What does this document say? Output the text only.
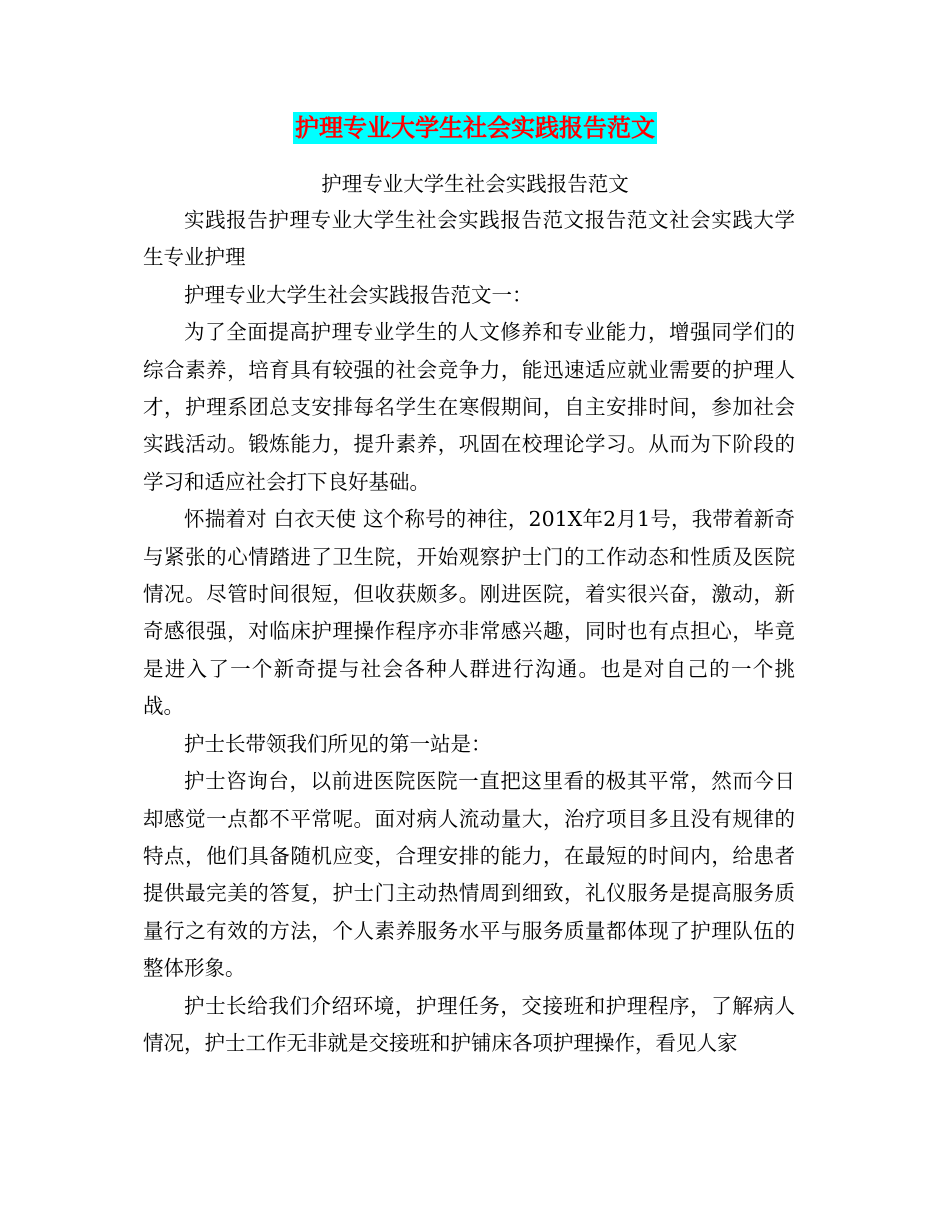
护理专业大学生社会实践报告范文
护理专业大学生社会实践报告范文

实践报告护理专业大学生社会实践报告范文报告范文社会实践大学生专业护理

护理专业大学生社会实践报告范文一：

为了全面提高护理专业学生的人文修养和专业能力，增强同学们的综合素养，培育具有较强的社会竞争力，能迅速适应就业需要的护理人才，护理系团总支安排每名学生在寒假期间，自主安排时间，参加社会实践活动。锻炼能力，提升素养，巩固在校理论学习。从而为下阶段的学习和适应社会打下良好基础。

怀揣着对 白衣天使 这个称号的神往，201X年2月1号，我带着新奇与紧张的心情踏进了卫生院，开始观察护士门的工作动态和性质及医院情况。尽管时间很短，但收获颇多。刚进医院，着实很兴奋，激动，新奇感很强，对临床护理操作程序亦非常感兴趣，同时也有点担心，毕竟是进入了一个新奇提与社会各种人群进行沟通。也是对自己的一个挑战。

护士长带领我们所见的第一站是：

护士咨询台，以前进医院医院一直把这里看的极其平常，然而今日却感觉一点都不平常呢。面对病人流动量大，治疗项目多且没有规律的特点，他们具备随机应变，合理安排的能力，在最短的时间内，给患者提供最完美的答复，护士门主动热情周到细致，礼仪服务是提高服务质量行之有效的方法，个人素养服务水平与服务质量都体现了护理队伍的整体形象。

护士长给我们介绍环境，护理任务，交接班和护理程序，了解病人情况，护士工作无非就是交接班和护铺床各项护理操作，看见人家
